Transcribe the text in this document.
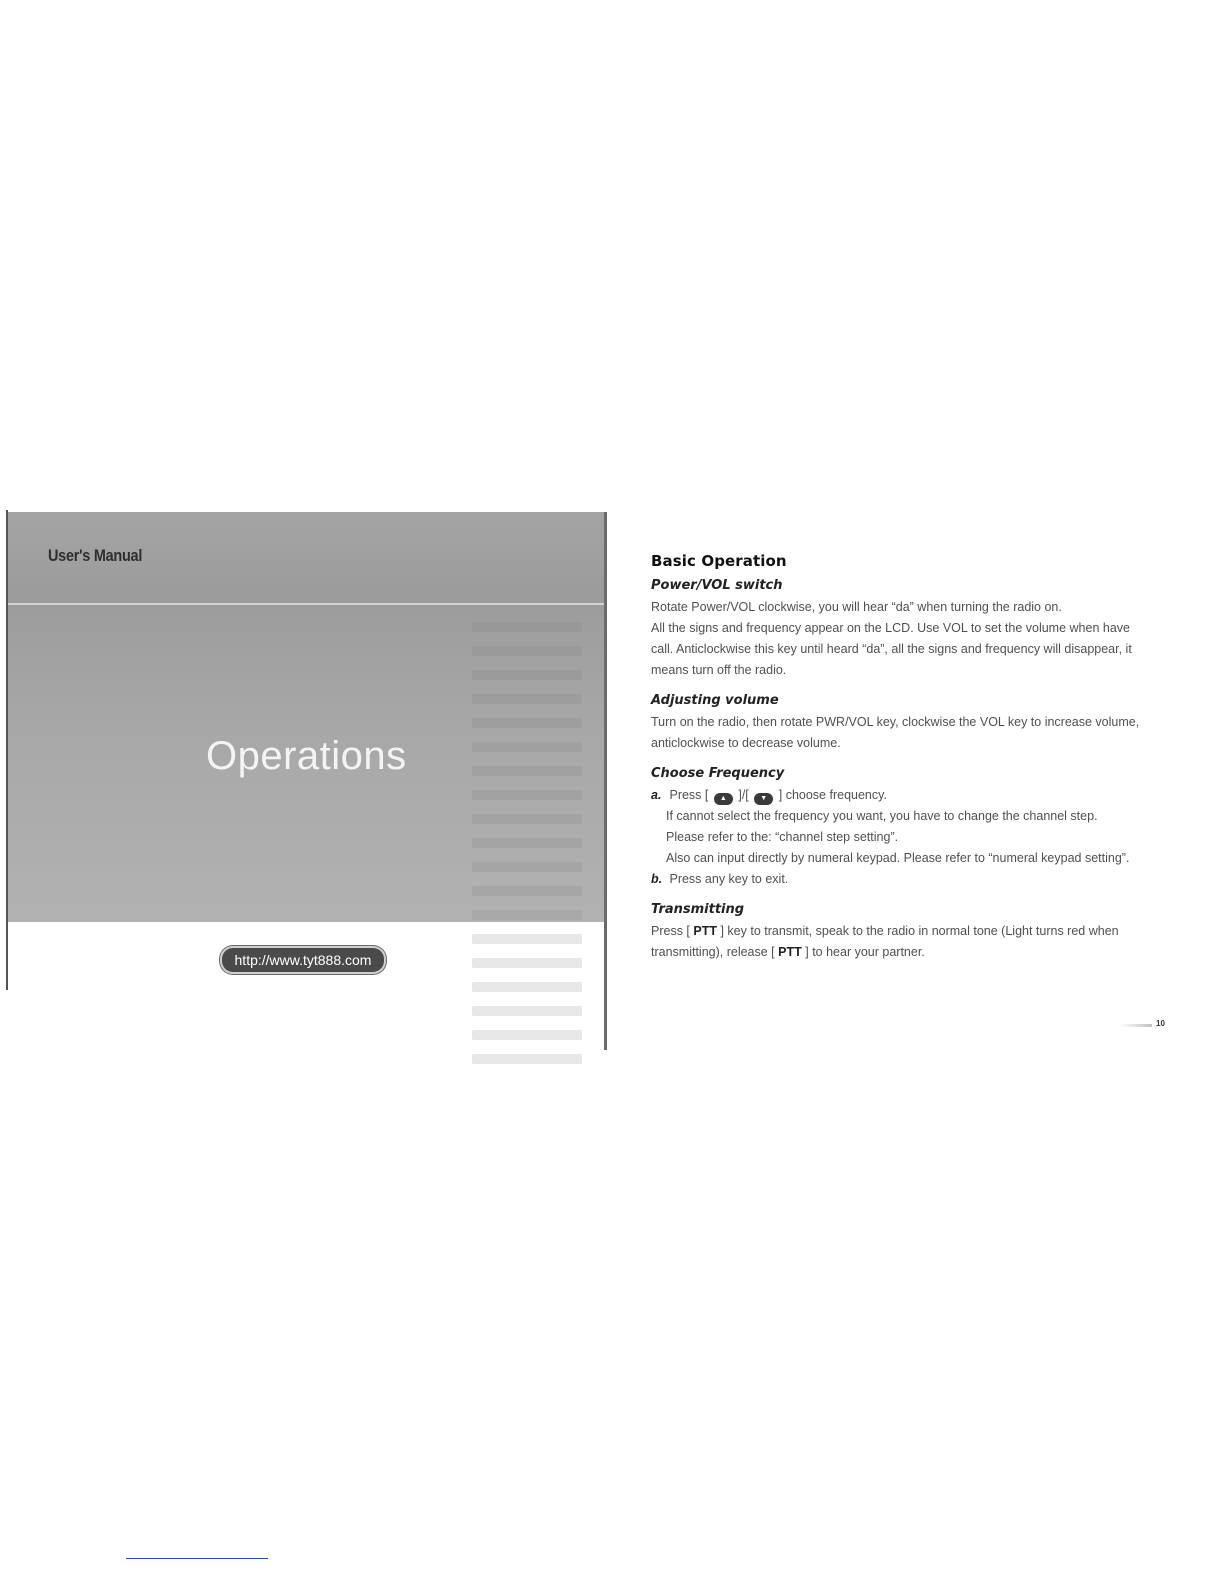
User's Manual
Operations
http://www.tyt888.com
Basic Operation
Power/VOL switch

Rotate Power/VOL clockwise, you will hear “da” when turning the radio on.
All the signs and frequency appear on the LCD. Use VOL to set the volume when have
call. Anticlockwise this key until heard “da”, all the signs and frequency will disappear, it
means turn off the radio.

Adjusting volume

Turn on the radio, then rotate PWR/VOL key, clockwise the VOL key to increase volume,
anticlockwise to decrease volume.

Choose Frequency

a. Press [ ▲ ]/[ ▼ ] choose frequency.
If cannot select the frequency you want, you have to change the channel step.
Please refer to the: “channel step setting”.
Also can input directly by numeral keypad. Please refer to “numeral keypad setting”.
b. Press any key to exit.

Transmitting

Press [ PTT ] key to transmit, speak to the radio in normal tone (Light turns red when
transmitting), release [ PTT ] to hear your partner.

10
